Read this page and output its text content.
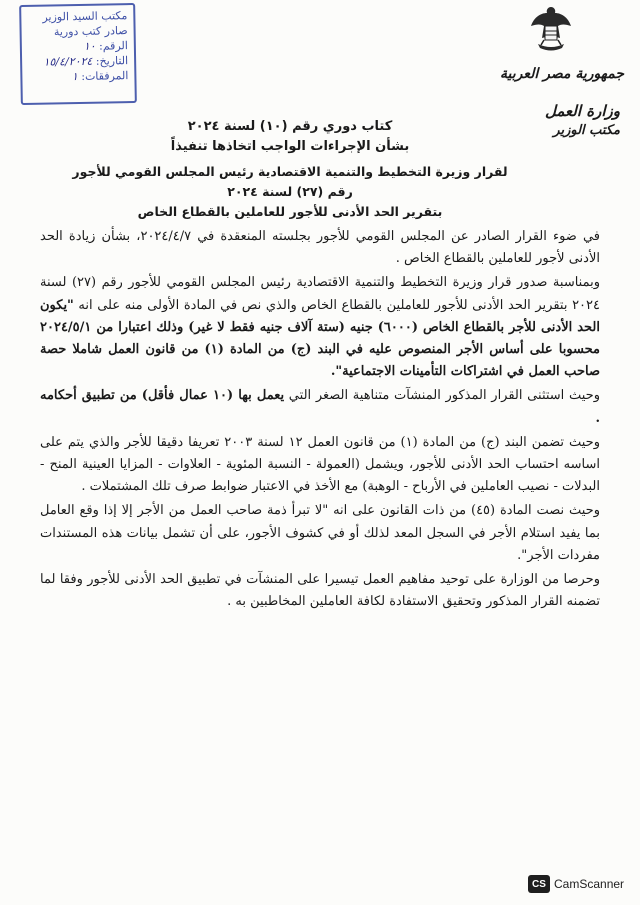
مكتب السيد الوزير
صادر كتب دورية
الرقم: ١٠
التاريخ: ١٥/٤/٢٠٢٤
المرفقات: ١	جمهورية مصر العربية
وزارة العمل
مكتب الوزير
كتاب دوري رقم (١٠) لسنة ٢٠٢٤
بشأن الإجراءات الواجب اتخاذها تنفيذاً
لقرار وزيرة التخطيط والتنمية الاقتصادية رئيس المجلس القومي للأجور رقم (٢٧) لسنة ٢٠٢٤
بتقرير الحد الأدنى للأجور للعاملين بالقطاع الخاص

في ضوء القرار الصادر عن المجلس القومي للأجور بجلسته المنعقدة في ٢٠٢٤/٤/٧، بشأن زيادة الحد الأدنى لأجور للعاملين بالقطاع الخاص .

وبمناسبة صدور قرار وزيرة التخطيط والتنمية الاقتصادية رئيس المجلس القومي للأجور رقم (٢٧) لسنة ٢٠٢٤ بتقرير الحد الأدنى للأجور للعاملين بالقطاع الخاص والذي نص في المادة الأولى منه على انه "يكون الحد الأدنى للأجر بالقطاع الخاص (٦٠٠٠) جنيه (ستة آلاف جنيه فقط لا غير) وذلك اعتبارا من ٢٠٢٤/٥/١ محسوبا على أساس الأجر المنصوص عليه في البند (ج) من المادة (١) من قانون العمل شاملا حصة صاحب العمل في اشتراكات التأمينات الاجتماعية".

وحيث استثنى القرار المذكور المنشآت متناهية الصغر التي يعمل بها (١٠ عمال فأقل) من تطبيق أحكامه .

وحيث تضمن البند (ج) من المادة (١) من قانون العمل ١٢ لسنة ٢٠٠٣ تعريفا دقيقا للأجر والذي يتم على اساسه احتساب الحد الأدنى للأجور، ويشمل (العمولة - النسبة المئوية - العلاوات - المزايا العينية المنح - البدلات - نصيب العاملين في الأرباح - الوهبة) مع الأخذ في الاعتبار ضوابط صرف تلك المشتملات .

وحيث نصت المادة (٤٥) من ذات القانون على انه "لا تبرأ ذمة صاحب العمل من الأجر إلا إذا وقع العامل بما يفيد استلام الأجر في السجل المعد لذلك أو في كشوف الأجور، على أن تشمل بيانات هذه المستندات مفردات الأجر".

وحرصا من الوزارة على توحيد مفاهيم العمل تيسيرا على المنشآت في تطبيق الحد الأدنى للأجور وفقا لما تضمنه القرار المذكور وتحقيق الاستفادة لكافة العاملين المخاطبين به .

CS CamScanner
